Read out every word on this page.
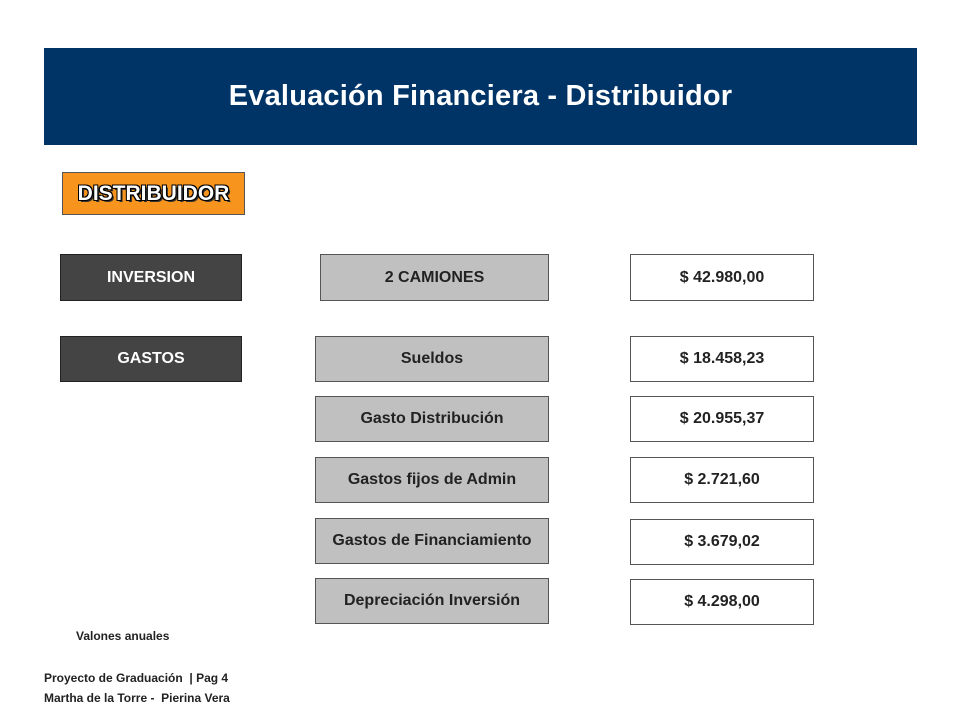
Evaluación Financiera - Distribuidor
DISTRIBUIDOR
INVERSION	2 CAMIONES	$ 42.980,00
GASTOS	Sueldos	$ 18.458,23
Gasto Distribución	$ 20.955,37
Gastos fijos de Admin	$ 2.721,60
Gastos de Financiamiento	$ 3.679,02
Depreciación Inversión	$ 4.298,00
Valones anuales
Proyecto de Graduación  | Pag 4
Martha de la Torre -  Pierina Vera
